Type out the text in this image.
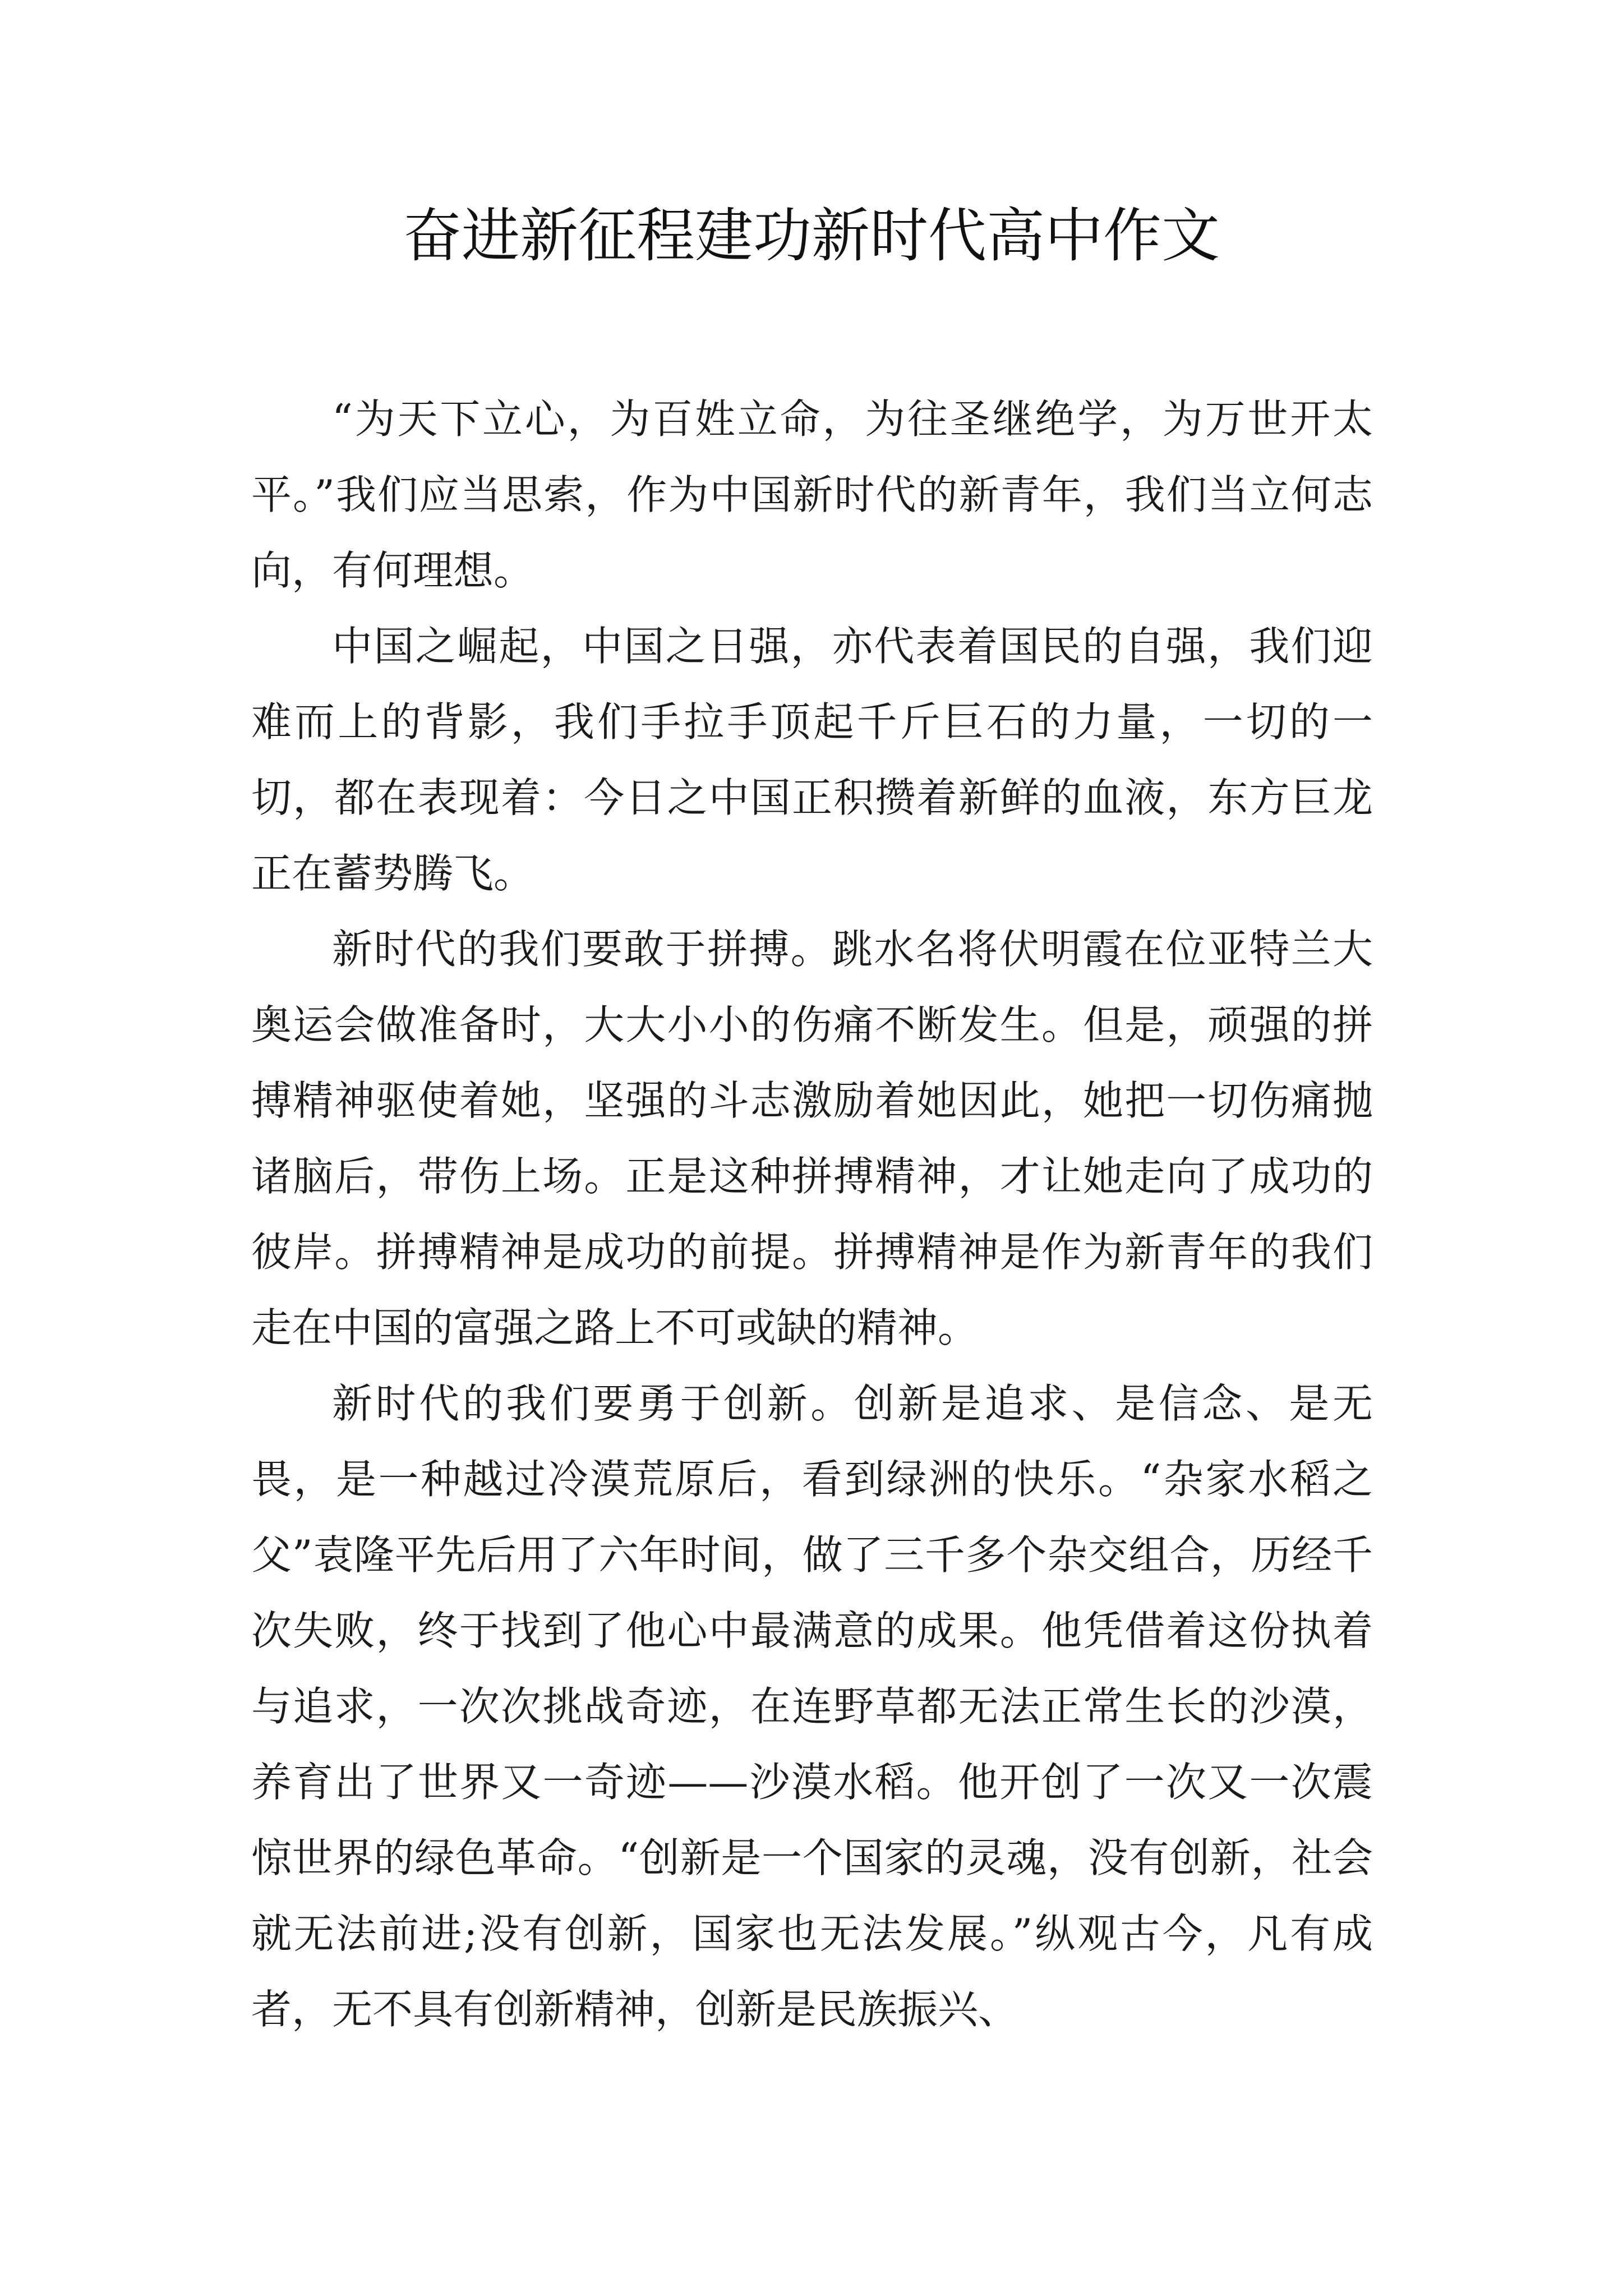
奋进新征程建功新时代高中作文

“为天下立心，为百姓立命，为往圣继绝学，为万世开太平。”我们应当思索，作为中国新时代的新青年，我们当立何志向，有何理想。

中国之崛起，中国之日强，亦代表着国民的自强，我们迎难而上的背影，我们手拉手顶起千斤巨石的力量，一切的一切，都在表现着：今日之中国正积攒着新鲜的血液，东方巨龙正在蓄势腾飞。

新时代的我们要敢于拼搏。跳水名将伏明霞在位亚特兰大奥运会做准备时，大大小小的伤痛不断发生。但是，顽强的拼搏精神驱使着她，坚强的斗志激励着她因此，她把一切伤痛抛诸脑后，带伤上场。正是这种拼搏精神，才让她走向了成功的彼岸。拼搏精神是成功的前提。拼搏精神是作为新青年的我们走在中国的富强之路上不可或缺的精神。

新时代的我们要勇于创新。创新是追求、是信念、是无畏，是一种越过冷漠荒原后，看到绿洲的快乐。“杂家水稻之父”袁隆平先后用了六年时间，做了三千多个杂交组合，历经千次失败，终于找到了他心中最满意的成果。他凭借着这份执着与追求，一次次挑战奇迹，在连野草都无法正常生长的沙漠，养育出了世界又一奇迹——沙漠水稻。他开创了一次又一次震惊世界的绿色革命。“创新是一个国家的灵魂，没有创新，社会就无法前进;没有创新，国家也无法发展。”纵观古今，凡有成者，无不具有创新精神，创新是民族振兴、
